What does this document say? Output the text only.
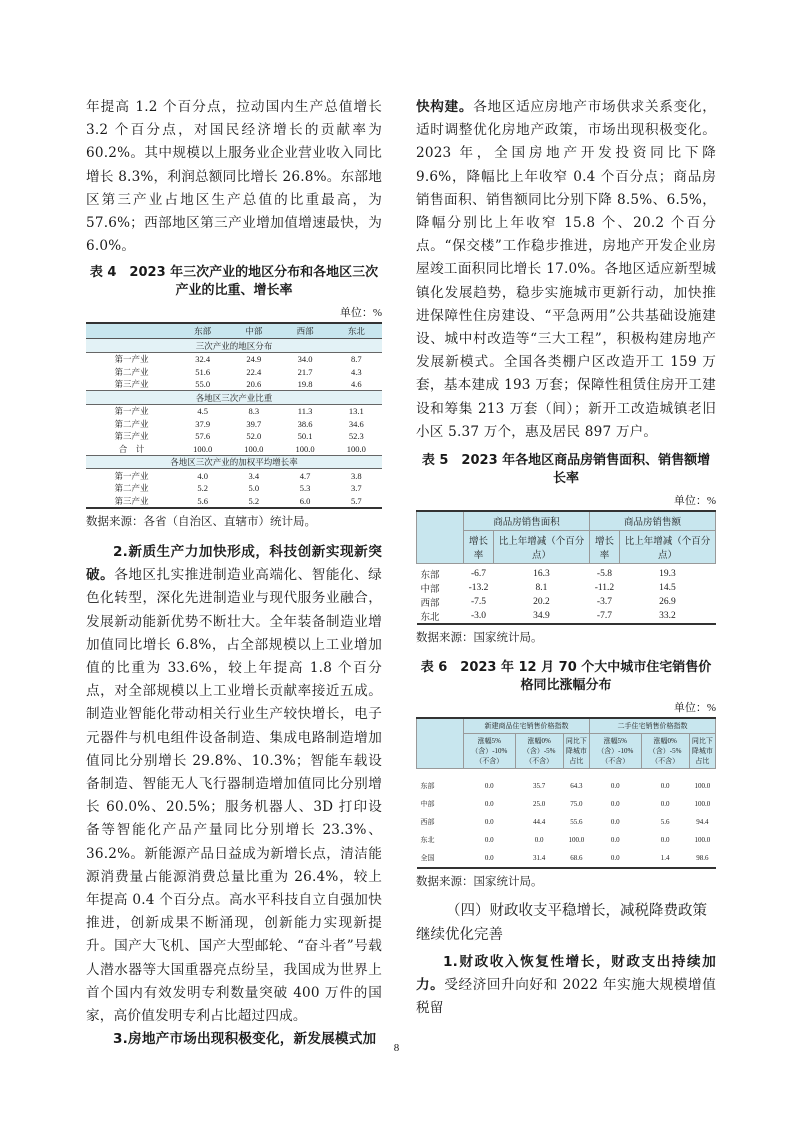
年提高 1.2 个百分点，拉动国内生产总值增长 3.2 个百分点，对国民经济增长的贡献率为 60.2%。其中规模以上服务业企业营业收入同比增长 8.3%，利润总额同比增长 26.8%。东部地区第三产业占地区生产总值的比重最高，为 57.6%；西部地区第三产业增加值增速最快，为 6.0%。

表 4　2023 年三次产业的地区分布和各地区三次产业的比重、增长率
单位：%
	东部	中部	西部	东北
三次产业的地区分布				
第一产业	32.4	24.9	34.0	8.7
第二产业	51.6	22.4	21.7	4.3
第三产业	55.0	20.6	19.8	4.6
各地区三次产业比重				
第一产业	4.5	8.3	11.3	13.1
第二产业	37.9	39.7	38.6	34.6
第三产业	57.6	52.0	50.1	52.3
合　计	100.0	100.0	100.0	100.0
各地区三次产业的加权平均增长率				
第一产业	4.0	3.4	4.7	3.8
第二产业	5.2	5.0	5.3	3.7
第三产业	5.6	5.2	6.0	5.7
数据来源：各省（自治区、直辖市）统计局。

2.新质生产力加快形成，科技创新实现新突破。各地区扎实推进制造业高端化、智能化、绿色化转型，深化先进制造业与现代服务业融合，发展新动能新优势不断壮大。全年装备制造业增加值同比增长 6.8%，占全部规模以上工业增加值的比重为 33.6%，较上年提高 1.8 个百分点，对全部规模以上工业增长贡献率接近五成。制造业智能化带动相关行业生产较快增长，电子元器件与机电组件设备制造、集成电路制造增加值同比分别增长 29.8%、10.3%；智能车载设备制造、智能无人飞行器制造增加值同比分别增长 60.0%、20.5%；服务机器人、3D 打印设备等智能化产品产量同比分别增长 23.3%、36.2%。新能源产品日益成为新增长点，清洁能源消费量占能源消费总量比重为 26.4%，较上年提高 0.4 个百分点。高水平科技自立自强加快推进，创新成果不断涌现，创新能力实现新提升。国产大飞机、国产大型邮轮、“奋斗者”号载人潜水器等大国重器亮点纷呈，我国成为世界上首个国内有效发明专利数量突破 400 万件的国家，高价值发明专利占比超过四成。

3.房地产市场出现积极变化，新发展模式加

快构建。各地区适应房地产市场供求关系变化，适时调整优化房地产政策，市场出现积极变化。2023 年，全国房地产开发投资同比下降 9.6%，降幅比上年收窄 0.4 个百分点；商品房销售面积、销售额同比分别下降 8.5%、6.5%，降幅分别比上年收窄 15.8 个、20.2 个百分点。“保交楼”工作稳步推进，房地产开发企业房屋竣工面积同比增长 17.0%。各地区适应新型城镇化发展趋势，稳步实施城市更新行动，加快推进保障性住房建设、“平急两用”公共基础设施建设、城中村改造等“三大工程”，积极构建房地产发展新模式。全国各类棚户区改造开工 159 万套，基本建成 193 万套；保障性租赁住房开工建设和筹集 213 万套（间）；新开工改造城镇老旧小区 5.37 万个，惠及居民 897 万户。

表 5　2023 年各地区商品房销售面积、销售额增长率
单位：%
	商品房销售面积		商品房销售额	
	增长率	比上年增减（个百分点）	增长率	比上年增减（个百分点）
东部	-6.7	16.3	-5.8	19.3
中部	-13.2	8.1	-11.2	14.5
西部	-7.5	20.2	-3.7	26.9
东北	-3.0	34.9	-7.7	33.2
数据来源：国家统计局。
表 6　2023 年 12 月 70 个大中城市住宅销售价格同比涨幅分布
单位：%
	新建商品住宅销售价格指数			二手住宅销售价格指数		
	涨幅5%（含）-10%（不含）	涨幅0%（含）-5%（不含）	同比下降城市占比	涨幅5%（含）-10%（不含）	涨幅0%（含）-5%（不含）	同比下降城市占比
东部	0.0	35.7	64.3	0.0	0.0	100.0
中部	0.0	25.0	75.0	0.0	0.0	100.0
西部	0.0	44.4	55.6	0.0	5.6	94.4
东北	0.0	0.0	100.0	0.0	0.0	100.0
全国	0.0	31.4	68.6	0.0	1.4	98.6
数据来源：国家统计局。
（四）财政收支平稳增长，减税降费政策继续优化完善

1.财政收入恢复性增长，财政支出持续加力。受经济回升向好和 2022 年实施大规模增值税留

8
